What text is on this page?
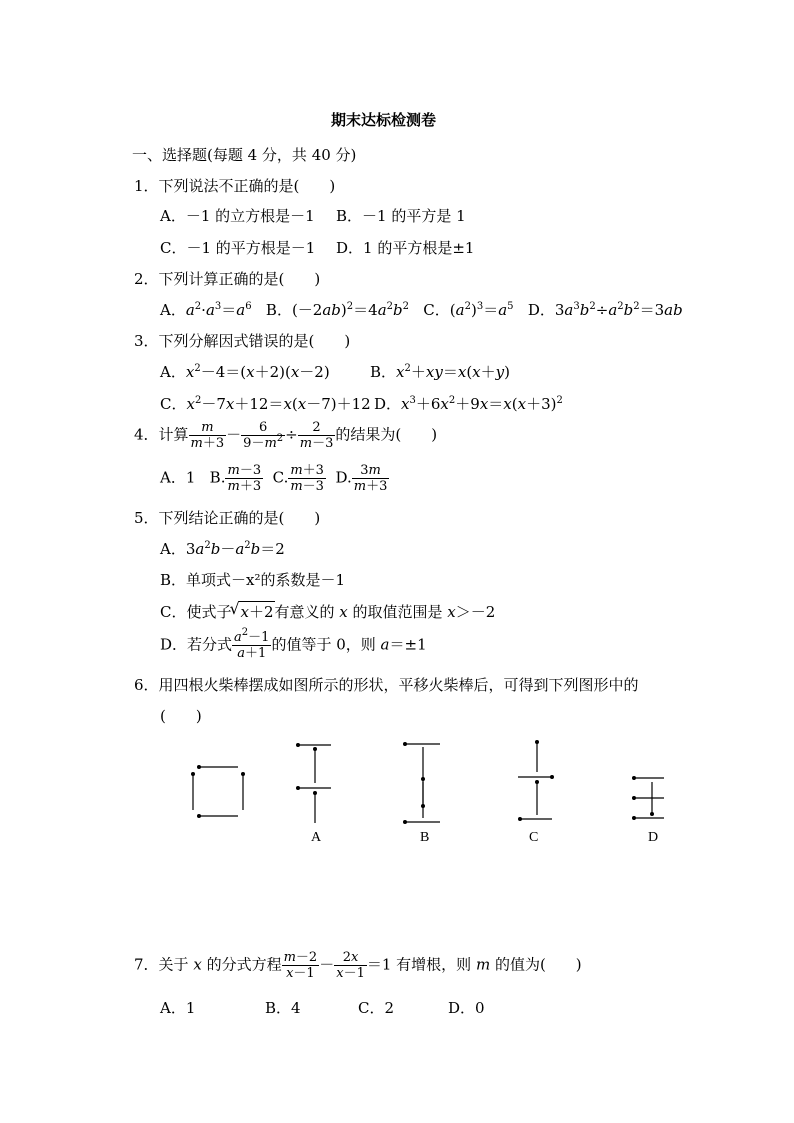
期末达标检测卷
一、选择题(每题 4 分，共 40 分)
1．下列说法不正确的是(　　)
A．－1 的立方根是－1 B．－1 的平方是 1
C．－1 的平方根是－1 D．1 的平方根是±1
2．下列计算正确的是(　　)
A．$a^2\cdot a^3=a^6$   B．$(-2ab)^2=4a^2b^2$   C．$(a^2)^3=a^5$   D．$3a^3b^2\div a^2b^2=3ab$
3．下列分解因式错误的是(　　)
A．$x^2-4=(x+2)(x-2)$	B．$x^2+xy=x(x+y)$
C．$x^2-7x+12=x(x-7)+12$ D．$x^3+6x^2+9x=x(x+3)^2$
4．计算 $\frac{m}{m+3} - \frac{6}{9-m^2} \div \frac{2}{m-3}$ 的结果为(　　)
A．1   B. $\frac{m-3}{m+3} C$. $\frac{m+3}{m-3} D$. $\frac{3m}{m+3}$
5．下列结论正确的是(　　)
A．$3a^2b-a^2b=2$
B．单项式－x²的系数是－1
C．使式子√ x＋2有意义的 x 的取值范围是 x＞－2
D．若分式 $\frac{a^2-1}{a+1}$ 的值等于 0，则 a＝±1
6．用四根火柴棒摆成如图所示的形状，平移火柴棒后，可得到下列图形中的
(　　)
A	B	C	D
7．关于 x 的分式方程 $\frac{m-2}{x-1} - \frac{2x}{x-1} =1$ 有增根，则 m 的值为(　　)
A．1	B．4	C．2	D．0
